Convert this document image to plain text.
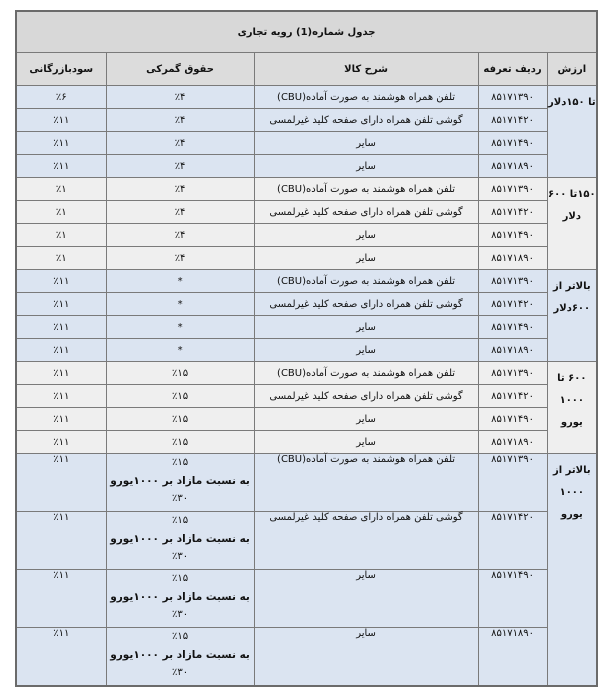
جدول شماره(1) رویه تجاری				
ارزش	ردیف تعرفه	شرح کالا	حقوق گمرکی	سودبازرگانی
تا ۱۵۰دلار	۸۵۱۷۱۳۹۰	تلفن همراه هوشمند به صورت آماده(CBU)	٪۴	٪۶
	۸۵۱۷۱۴۲۰	گوشی تلفن همراه دارای صفحه کلید غیرلمسی	٪۴	٪۱۱
	۸۵۱۷۱۴۹۰	سایر	٪۴	٪۱۱
	۸۵۱۷۱۸۹۰	سایر	٪۴	٪۱۱
۱۵۰تا ۶۰۰ دلار	۸۵۱۷۱۳۹۰	تلفن همراه هوشمند به صورت آماده(CBU)	٪۴	٪۱
	۸۵۱۷۱۴۲۰	گوشی تلفن همراه دارای صفحه کلید غیرلمسی	٪۴	٪۱
	۸۵۱۷۱۴۹۰	سایر	٪۴	٪۱
	۸۵۱۷۱۸۹۰	سایر	٪۴	٪۱
بالاتر از ۶۰۰دلار	۸۵۱۷۱۳۹۰	تلفن همراه هوشمند به صورت آماده(CBU)	*	٪۱۱
	۸۵۱۷۱۴۲۰	گوشی تلفن همراه دارای صفحه کلید غیرلمسی	*	٪۱۱
	۸۵۱۷۱۴۹۰	سایر	*	٪۱۱
	۸۵۱۷۱۸۹۰	سایر	*	٪۱۱
۶۰۰ تا ۱۰۰۰ یورو	۸۵۱۷۱۳۹۰	تلفن همراه هوشمند به صورت آماده(CBU)	٪۱۵	٪۱۱
	۸۵۱۷۱۴۲۰	گوشی تلفن همراه دارای صفحه کلید غیرلمسی	٪۱۵	٪۱۱
	۸۵۱۷۱۴۹۰	سایر	٪۱۵	٪۱۱
	۸۵۱۷۱۸۹۰	سایر	٪۱۵	٪۱۱
بالاتر از ۱۰۰۰ یورو	۸۵۱۷۱۳۹۰	تلفن همراه هوشمند به صورت آماده(CBU)	٪۱۵
به نسبت مازاد بر ۱۰۰۰یورو
٪۳۰	٪۱۱
	۸۵۱۷۱۴۲۰	گوشی تلفن همراه دارای صفحه کلید غیرلمسی	٪۱۵
به نسبت مازاد بر ۱۰۰۰یورو
٪۳۰	٪۱۱
	۸۵۱۷۱۴۹۰	سایر	٪۱۵
به نسبت مازاد بر ۱۰۰۰یورو
٪۳۰	٪۱۱
	۸۵۱۷۱۸۹۰	سایر	٪۱۵
به نسبت مازاد بر ۱۰۰۰یورو
٪۳۰	٪۱۱
